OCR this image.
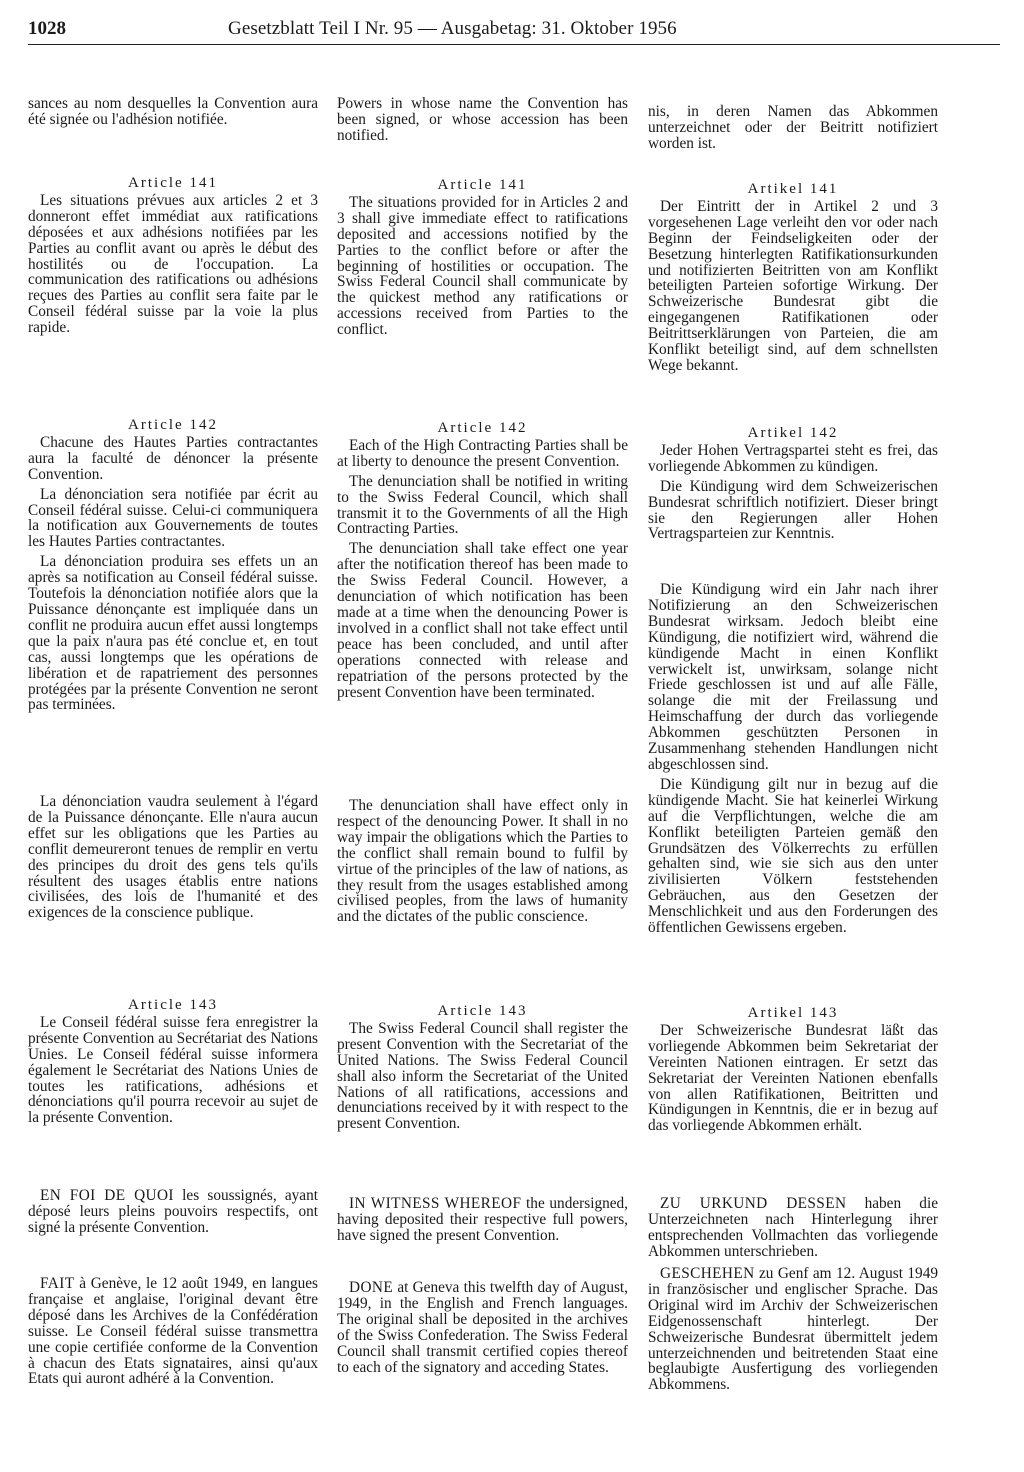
1028	Gesetzblatt Teil I Nr. 95 — Ausgabetag: 31. Oktober 1956

sances au nom desquelles la Convention aura été signée ou l'adhésion notifiée.

Article 141

Les situations prévues aux articles 2 et 3 donneront effet immédiat aux ratifications déposées et aux adhésions notifiées par les Parties au conflit avant ou après le début des hostilités ou de l'occupation. La communication des ratifications ou adhésions reçues des Parties au conflit sera faite par le Conseil fédéral suisse par la voie la plus rapide.

Article 142

Chacune des Hautes Parties contractantes aura la faculté de dénoncer la présente Convention.

La dénonciation sera notifiée par écrit au Conseil fédéral suisse. Celui-ci communiquera la notification aux Gouvernements de toutes les Hautes Parties contractantes.

La dénonciation produira ses effets un an après sa notification au Conseil fédéral suisse. Toutefois la dénonciation notifiée alors que la Puissance dénonçante est impliquée dans un conflit ne produira aucun effet aussi longtemps que la paix n'aura pas été conclue et, en tout cas, aussi longtemps que les opérations de libération et de rapatriement des personnes protégées par la présente Convention ne seront pas terminées.

La dénonciation vaudra seulement à l'égard de la Puissance dénonçante. Elle n'aura aucun effet sur les obligations que les Parties au conflit demeureront tenues de remplir en vertu des principes du droit des gens tels qu'ils résultent des usages établis entre nations civilisées, des lois de l'humanité et des exigences de la conscience publique.

Article 143

Le Conseil fédéral suisse fera enregistrer la présente Convention au Secrétariat des Nations Unies. Le Conseil fédéral suisse informera également le Secrétariat des Nations Unies de toutes les ratifications, adhésions et dénonciations qu'il pourra recevoir au sujet de la présente Convention.

EN FOI DE QUOI les soussignés, ayant déposé leurs pleins pouvoirs respectifs, ont signé la présente Convention.

FAIT à Genève, le 12 août 1949, en langues française et anglaise, l'original devant être déposé dans les Archives de la Confédération suisse. Le Conseil fédéral suisse transmettra une copie certifiée conforme de la Convention à chacun des Etats signataires, ainsi qu'aux Etats qui auront adhéré à la Convention.

Powers in whose name the Convention has been signed, or whose accession has been notified.

Article 141

The situations provided for in Articles 2 and 3 shall give immediate effect to ratifications deposited and accessions notified by the Parties to the conflict before or after the beginning of hostilities or occupation. The Swiss Federal Council shall communicate by the quickest method any ratifications or accessions received from Parties to the conflict.

Article 142

Each of the High Contracting Parties shall be at liberty to denounce the present Convention.

The denunciation shall be notified in writing to the Swiss Federal Council, which shall transmit it to the Governments of all the High Contracting Parties.

The denunciation shall take effect one year after the notification thereof has been made to the Swiss Federal Council. However, a denunciation of which notification has been made at a time when the denouncing Power is involved in a conflict shall not take effect until peace has been concluded, and until after operations connected with release and repatriation of the persons protected by the present Convention have been terminated.

The denunciation shall have effect only in respect of the denouncing Power. It shall in no way impair the obligations which the Parties to the conflict shall remain bound to fulfil by virtue of the principles of the law of nations, as they result from the usages established among civilised peoples, from the laws of humanity and the dictates of the public conscience.

Article 143

The Swiss Federal Council shall register the present Convention with the Secretariat of the United Nations. The Swiss Federal Council shall also inform the Secretariat of the United Nations of all ratifications, accessions and denunciations received by it with respect to the present Convention.

IN WITNESS WHEREOF the undersigned, having deposited their respective full powers, have signed the present Convention.

DONE at Geneva this twelfth day of August, 1949, in the English and French languages. The original shall be deposited in the archives of the Swiss Confederation. The Swiss Federal Council shall transmit certified copies thereof to each of the signatory and acceding States.

nis, in deren Namen das Abkommen unterzeichnet oder der Beitritt notifiziert worden ist.

Artikel 141

Der Eintritt der in Artikel 2 und 3 vorgesehenen Lage verleiht den vor oder nach Beginn der Feindseligkeiten oder der Besetzung hinterlegten Ratifikationsurkunden und notifizierten Beitritten von am Konflikt beteiligten Parteien sofortige Wirkung. Der Schweizerische Bundesrat gibt die eingegangenen Ratifikationen oder Beitrittserklärungen von Parteien, die am Konflikt beteiligt sind, auf dem schnellsten Wege bekannt.

Artikel 142

Jeder Hohen Vertragspartei steht es frei, das vorliegende Abkommen zu kündigen.

Die Kündigung wird dem Schweizerischen Bundesrat schriftlich notifiziert. Dieser bringt sie den Regierungen aller Hohen Vertragsparteien zur Kenntnis.

Die Kündigung wird ein Jahr nach ihrer Notifizierung an den Schweizerischen Bundesrat wirksam. Jedoch bleibt eine Kündigung, die notifiziert wird, während die kündigende Macht in einen Konflikt verwickelt ist, unwirksam, solange nicht Friede geschlossen ist und auf alle Fälle, solange die mit der Freilassung und Heimschaffung der durch das vorliegende Abkommen geschützten Personen in Zusammenhang stehenden Handlungen nicht abgeschlossen sind.

Die Kündigung gilt nur in bezug auf die kündigende Macht. Sie hat keinerlei Wirkung auf die Verpflichtungen, welche die am Konflikt beteiligten Parteien gemäß den Grundsätzen des Völkerrechts zu erfüllen gehalten sind, wie sie sich aus den unter zivilisierten Völkern feststehenden Gebräuchen, aus den Gesetzen der Menschlichkeit und aus den Forderungen des öffentlichen Gewissens ergeben.

Artikel 143

Der Schweizerische Bundesrat läßt das vorliegende Abkommen beim Sekretariat der Vereinten Nationen eintragen. Er setzt das Sekretariat der Vereinten Nationen ebenfalls von allen Ratifikationen, Beitritten und Kündigungen in Kenntnis, die er in bezug auf das vorliegende Abkommen erhält.

ZU URKUND DESSEN haben die Unterzeichneten nach Hinterlegung ihrer entsprechenden Vollmachten das vorliegende Abkommen unterschrieben.

GESCHEHEN zu Genf am 12. August 1949 in französischer und englischer Sprache. Das Original wird im Archiv der Schweizerischen Eidgenossenschaft hinterlegt. Der Schweizerische Bundesrat übermittelt jedem unterzeichnenden und beitretenden Staat eine beglaubigte Ausfertigung des vorliegenden Abkommens.
